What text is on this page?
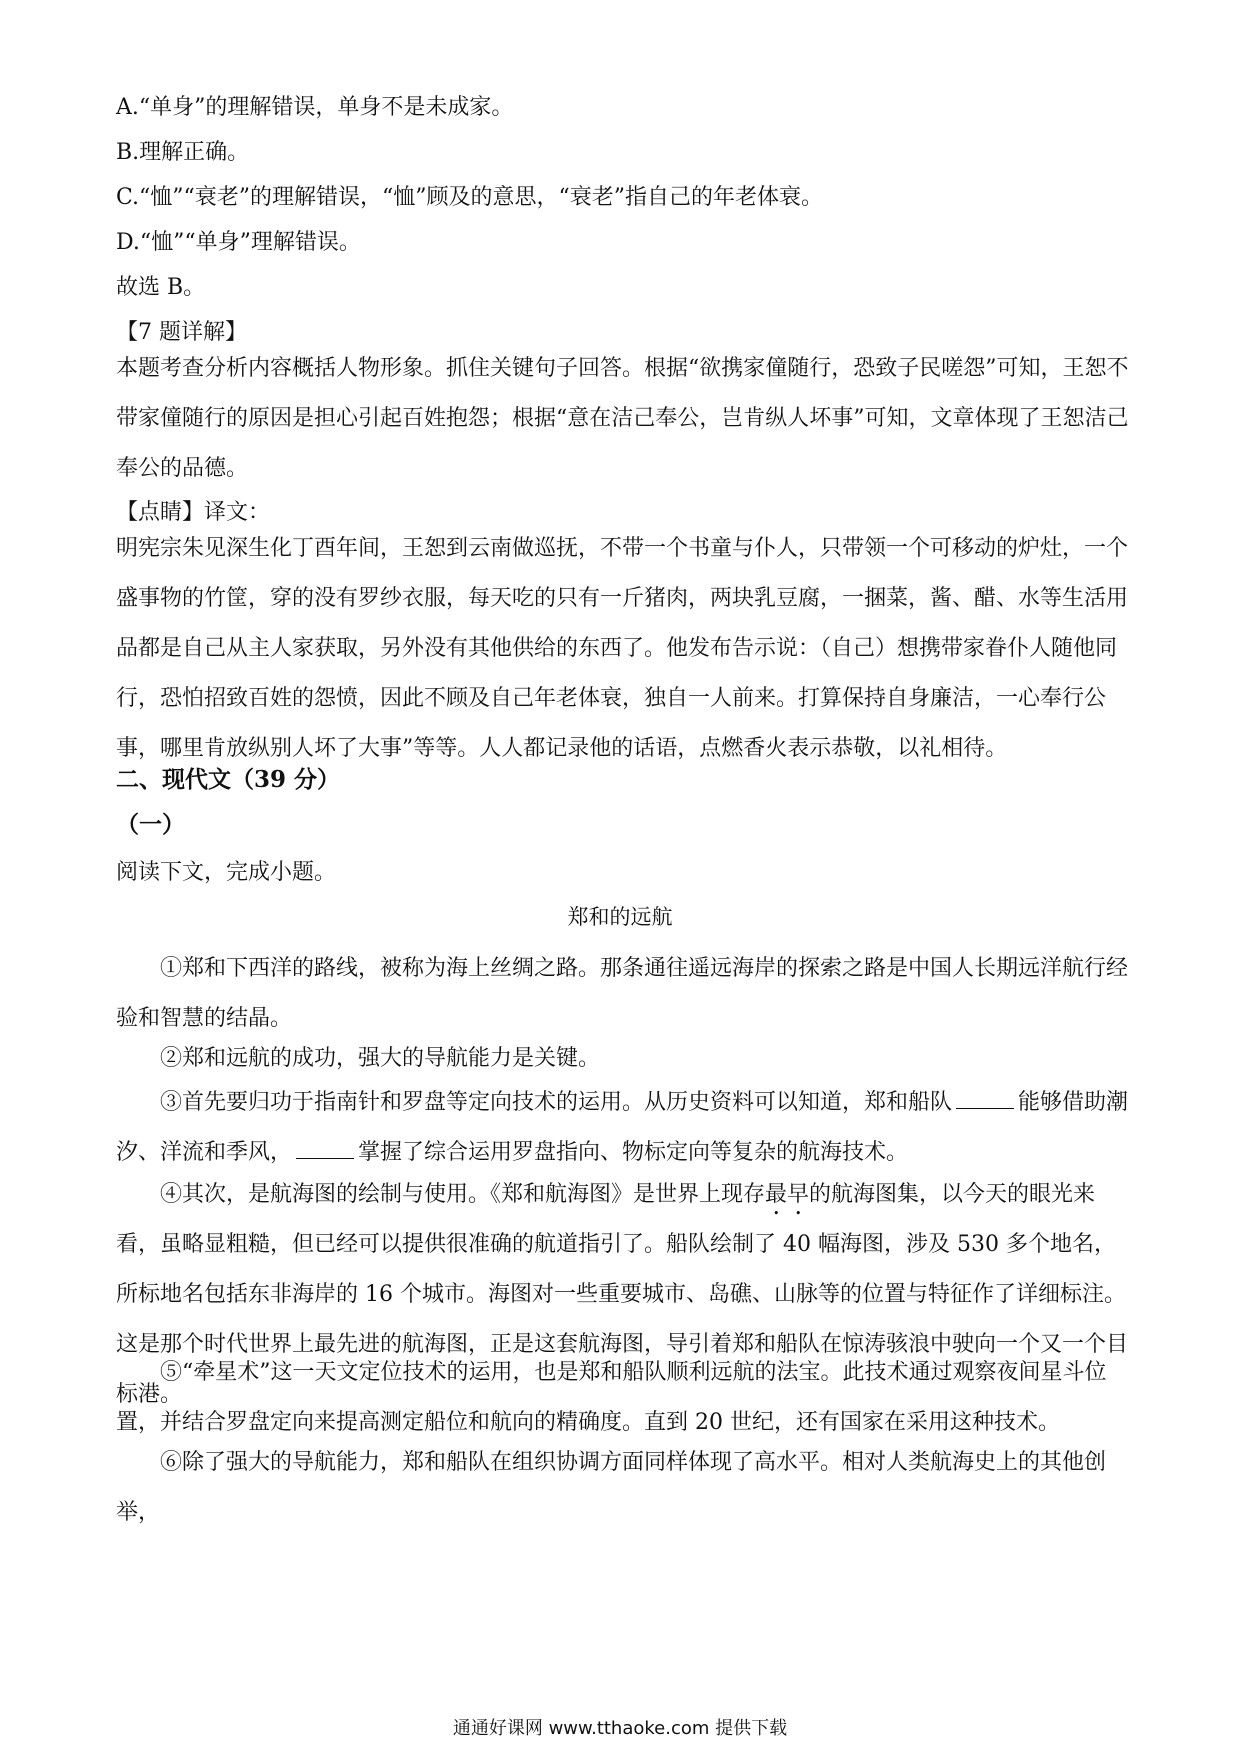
A.“单身”的理解错误，单身不是未成家。
B.理解正确。
C.“恤”“衰老”的理解错误，“恤”顾及的意思，“衰老”指自己的年老体衰。
D.“恤”“单身”理解错误。
故选 B。
【7 题详解】
本题考查分析内容概括人物形象。抓住关键句子回答。根据“欲携家僮随行，恐致子民嗟怨”可知，王恕不带家僮随行的原因是担心引起百姓抱怨；根据“意在洁己奉公，岂肯纵人坏事”可知，文章体现了王恕洁己奉公的品德。
【点睛】译文：
明宪宗朱见深生化丁酉年间，王恕到云南做巡抚，不带一个书童与仆人，只带领一个可移动的炉灶，一个盛事物的竹筐，穿的没有罗纱衣服，每天吃的只有一斤猪肉，两块乳豆腐，一捆菜，酱、醋、水等生活用品都是自己从主人家获取，另外没有其他供给的东西了。他发布告示说：（自己）想携带家眷仆人随他同行，恐怕招致百姓的怨愤，因此不顾及自己年老体衰，独自一人前来。打算保持自身廉洁，一心奉行公事，哪里肯放纵别人坏了大事”等等。人人都记录他的话语，点燃香火表示恭敬，以礼相待。
二、现代文（39 分）
（一）
阅读下文，完成小题。
郑和的远航
①郑和下西洋的路线，被称为海上丝绸之路。那条通往遥远海岸的探索之路是中国人长期远洋航行经验和智慧的结晶。
②郑和远航的成功，强大的导航能力是关键。
③首先要归功于指南针和罗盘等定向技术的运用。从历史资料可以知道，郑和船队	能够借助潮汐、洋流和季风，	掌握了综合运用罗盘指向、物标定向等复杂的航海技术。
④其次，是航海图的绘制与使用。《郑和航海图》是世界上现存最早的航海图集，以今天的眼光来看，虽略显粗糙，但已经可以提供很准确的航道指引了。船队绘制了 40 幅海图，涉及 530 多个地名，所标地名包括东非海岸的 16 个城市。海图对一些重要城市、岛礁、山脉等的位置与特征作了详细标注。这是那个时代世界上最先进的航海图，正是这套航海图，导引着郑和船队在惊涛骇浪中驶向一个又一个目标港。
⑤“牵星术”这一天文定位技术的运用，也是郑和船队顺利远航的法宝。此技术通过观察夜间星斗位置，并结合罗盘定向来提高测定船位和航向的精确度。直到 20 世纪，还有国家在采用这种技术。
⑥除了强大的导航能力，郑和船队在组织协调方面同样体现了高水平。相对人类航海史上的其他创举，
通通好课网 www.tthaoke.com 提供下载
